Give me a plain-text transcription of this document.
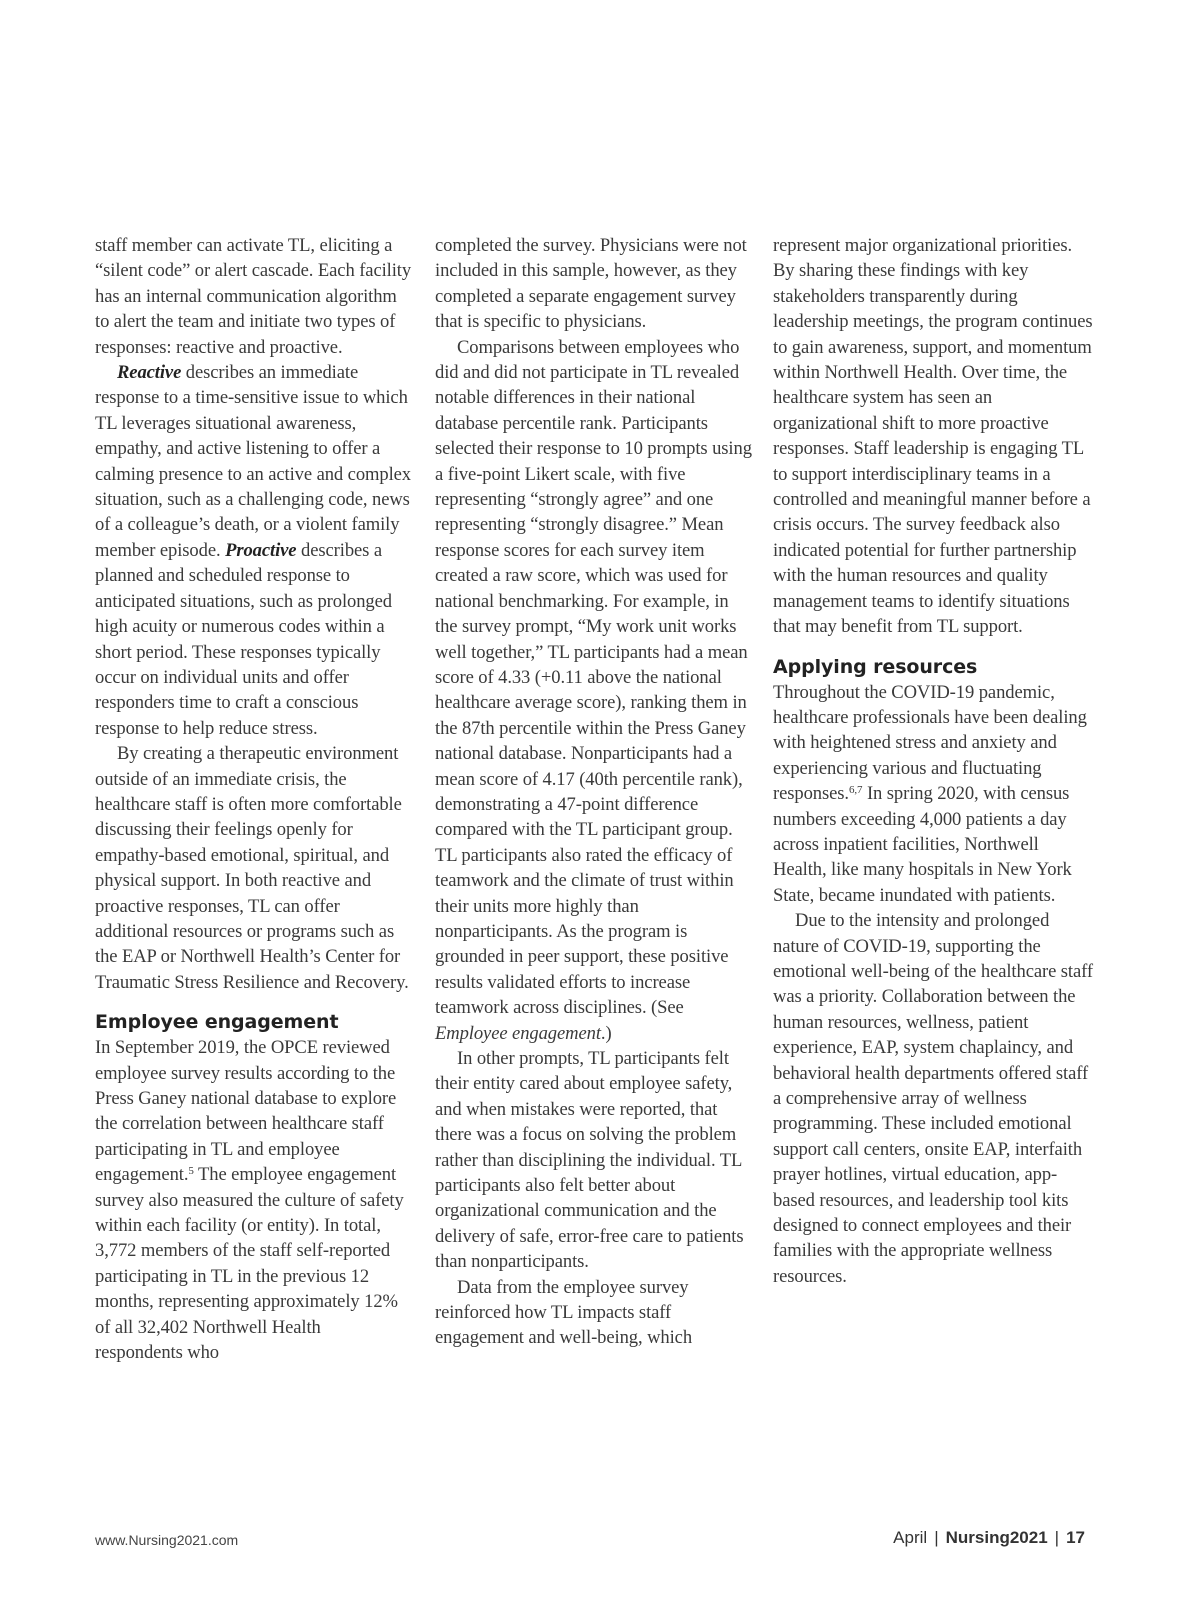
staff member can activate TL, eliciting a “silent code” or alert cascade. Each facility has an internal communication algorithm to alert the team and initiate two types of responses: reactive and proactive.

Reactive describes an immediate response to a time-sensitive issue to which TL leverages situational awareness, empathy, and active listening to offer a calming presence to an active and complex situation, such as a challenging code, news of a colleague’s death, or a violent family member episode. Proactive describes a planned and scheduled response to anticipated situations, such as prolonged high acuity or numerous codes within a short period. These responses typically occur on individual units and offer responders time to craft a conscious response to help reduce stress.

By creating a therapeutic environment outside of an immediate crisis, the healthcare staff is often more comfortable discussing their feelings openly for empathy-based emotional, spiritual, and physical support. In both reactive and proactive responses, TL can offer additional resources or programs such as the EAP or Northwell Health’s Center for Traumatic Stress Resilience and Recovery.

Employee engagement

In September 2019, the OPCE reviewed employee survey results according to the Press Ganey national database to explore the correlation between healthcare staff participating in TL and employee engagement.$^5$ The employee engagement survey also measured the culture of safety within each facility (or entity). In total, 3,772 members of the staff self-reported participating in TL in the previous 12 months, representing approximately 12% of all 32,402 Northwell Health respondents who

completed the survey. Physicians were not included in this sample, however, as they completed a separate engagement survey that is specific to physicians.

Comparisons between employees who did and did not participate in TL revealed notable differences in their national database percentile rank. Participants selected their response to 10 prompts using a five-point Likert scale, with five representing “strongly agree” and one representing “strongly disagree.” Mean response scores for each survey item created a raw score, which was used for national benchmarking. For example, in the survey prompt, “My work unit works well together,” TL participants had a mean score of 4.33 (+0.11 above the national healthcare average score), ranking them in the 87th percentile within the Press Ganey national database. Nonparticipants had a mean score of 4.17 (40th percentile rank), demonstrating a 47-point difference compared with the TL participant group. TL participants also rated the efficacy of teamwork and the climate of trust within their units more highly than nonparticipants. As the program is grounded in peer support, these positive results validated efforts to increase teamwork across disciplines. (See Employee engagement.)

In other prompts, TL participants felt their entity cared about employee safety, and when mistakes were reported, that there was a focus on solving the problem rather than disciplining the individual. TL participants also felt better about organizational communication and the delivery of safe, error-free care to patients than nonparticipants.

Data from the employee survey reinforced how TL impacts staff engagement and well-being, which

represent major organizational priorities. By sharing these findings with key stakeholders transparently during leadership meetings, the program continues to gain awareness, support, and momentum within Northwell Health. Over time, the healthcare system has seen an organizational shift to more proactive responses. Staff leadership is engaging TL to support interdisciplinary teams in a controlled and meaningful manner before a crisis occurs. The survey feedback also indicated potential for further partnership with the human resources and quality management teams to identify situations that may benefit from TL support.

Applying resources

Throughout the COVID-19 pandemic, healthcare professionals have been dealing with heightened stress and anxiety and experiencing various and fluctuating responses.$^{6,7}$ In spring 2020, with census numbers exceeding 4,000 patients a day across inpatient facilities, Northwell Health, like many hospitals in New York State, became inundated with patients.

Due to the intensity and prolonged nature of COVID-19, supporting the emotional well-being of the healthcare staff was a priority. Collaboration between the human resources, wellness, patient experience, EAP, system chaplaincy, and behavioral health departments offered staff a comprehensive array of wellness programming. These included emotional support call centers, onsite EAP, interfaith prayer hotlines, virtual education, app-based resources, and leadership tool kits designed to connect employees and their families with the appropriate wellness resources.

www.Nursing2021.com	April | Nursing2021 | 17
